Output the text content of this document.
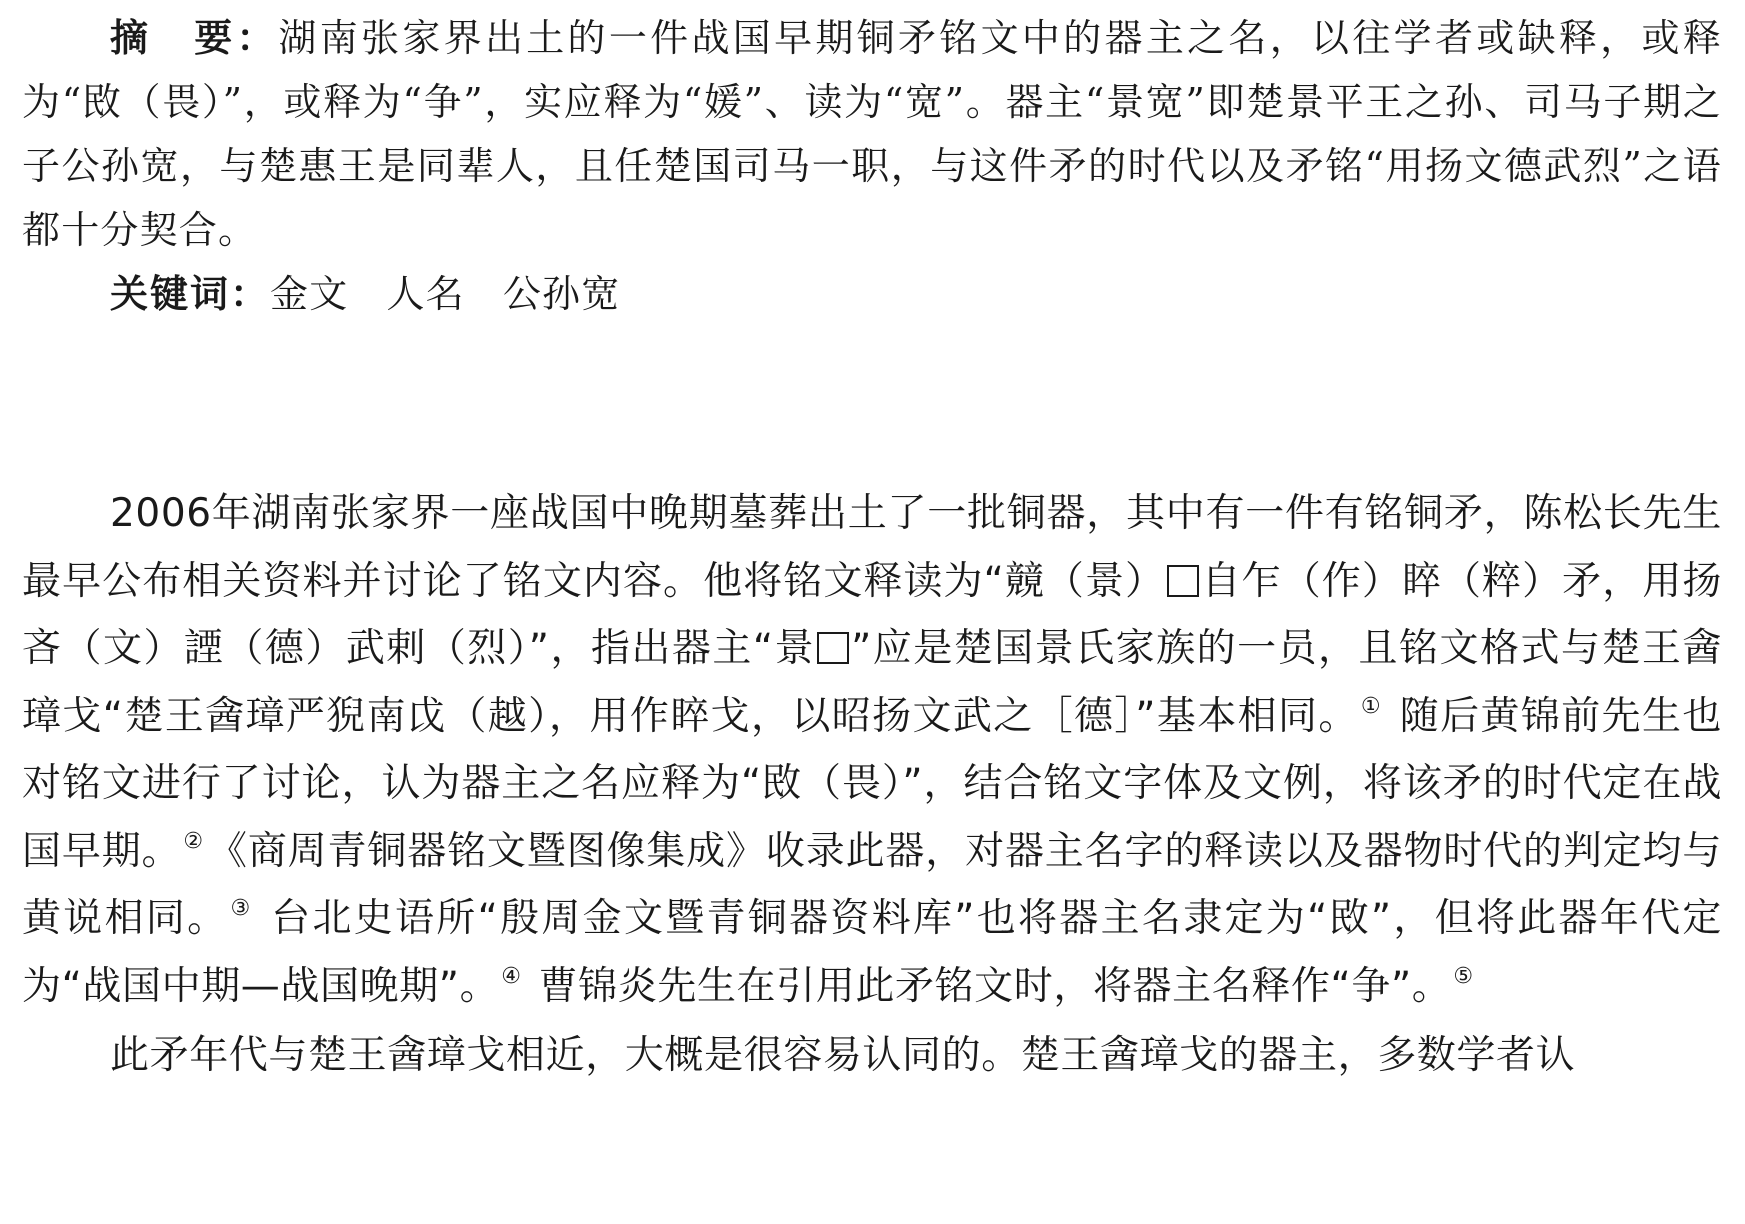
摘　要：湖南张家界出土的一件战国早期铜矛铭文中的器主之名，以往学者或缺释，或释为“敃（畏）”，或释为“争”，实应释为“媛”、读为“宽”。器主“景宽”即楚景平王之孙、司马子期之子公孙宽，与楚惠王是同辈人，且任楚国司马一职，与这件矛的时代以及矛铭“用扬文德武烈”之语都十分契合。

关键词：金文 人名 公孙宽

2006年湖南张家界一座战国中晚期墓葬出土了一批铜器，其中有一件有铭铜矛，陈松长先生最早公布相关资料并讨论了铭文内容。他将铭文释读为“竸（景） 自乍（作）睟（粹）矛，用扬吝（文）諲（德）武剌（烈）”，指出器主“景 ”应是楚国景氏家族的一员，且铭文格式与楚王酓璋戈“楚王酓璋严猊南戉（越），用作睟戈，以昭扬文武之［德］”基本相同。① 随后黄锦前先生也对铭文进行了讨论，认为器主之名应释为“敃（畏）”，结合铭文字体及文例，将该矛的时代定在战国早期。② 《商周青铜器铭文暨图像集成》收录此器，对器主名字的释读以及器物时代的判定均与黄说相同。③ 台北史语所“殷周金文暨青铜器资料库”也将器主名隶定为“敃”，但将此器年代定为“战国中期—战国晚期”。④ 曹锦炎先生在引用此矛铭文时，将器主名释作“争”。⑤

此矛年代与楚王酓璋戈相近，大概是很容易认同的。楚王酓璋戈的器主，多数学者认
